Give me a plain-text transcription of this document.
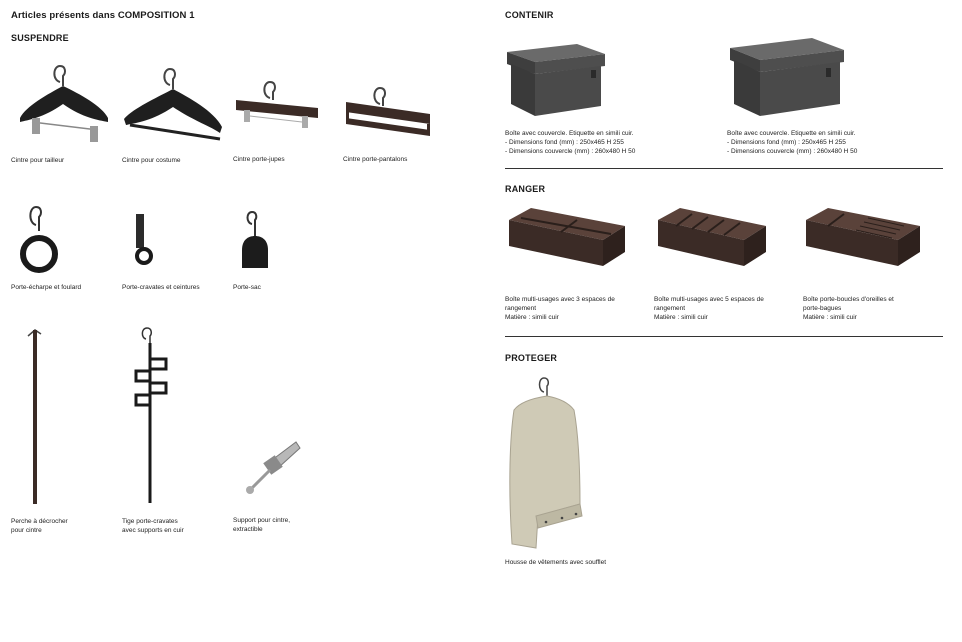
Articles présents dans COMPOSITION 1
SUSPENDRE
Cintre pour tailleur	Cintre pour costume	Cintre porte-jupes	Cintre porte-pantalons
Porte-écharpe et foulard	Porte-cravates et ceintures	Porte-sac
Perche à décrocher
pour cintre
Tige porte-cravates
avec supports en cuir
Support pour cintre,
extractible
CONTENIR
Boîte avec couvercle. Etiquette en simili cuir.
- Dimensions fond (mm) : 250x465 H 255
- Dimensions couvercle (mm) : 260x480 H 50
Boîte avec couvercle. Etiquette en simili cuir.
- Dimensions fond (mm) : 250x465 H 255
- Dimensions couvercle (mm) : 260x480 H 50
RANGER
Boîte multi-usages avec 3 espaces de
rangement
Matière : simili cuir
Boîte multi-usages avec 5 espaces de
rangement
Matière : simili cuir
Boîte porte-boucles d'oreilles et
porte-bagues
Matière : simili cuir
PROTEGER
Housse de vêtements avec soufflet
